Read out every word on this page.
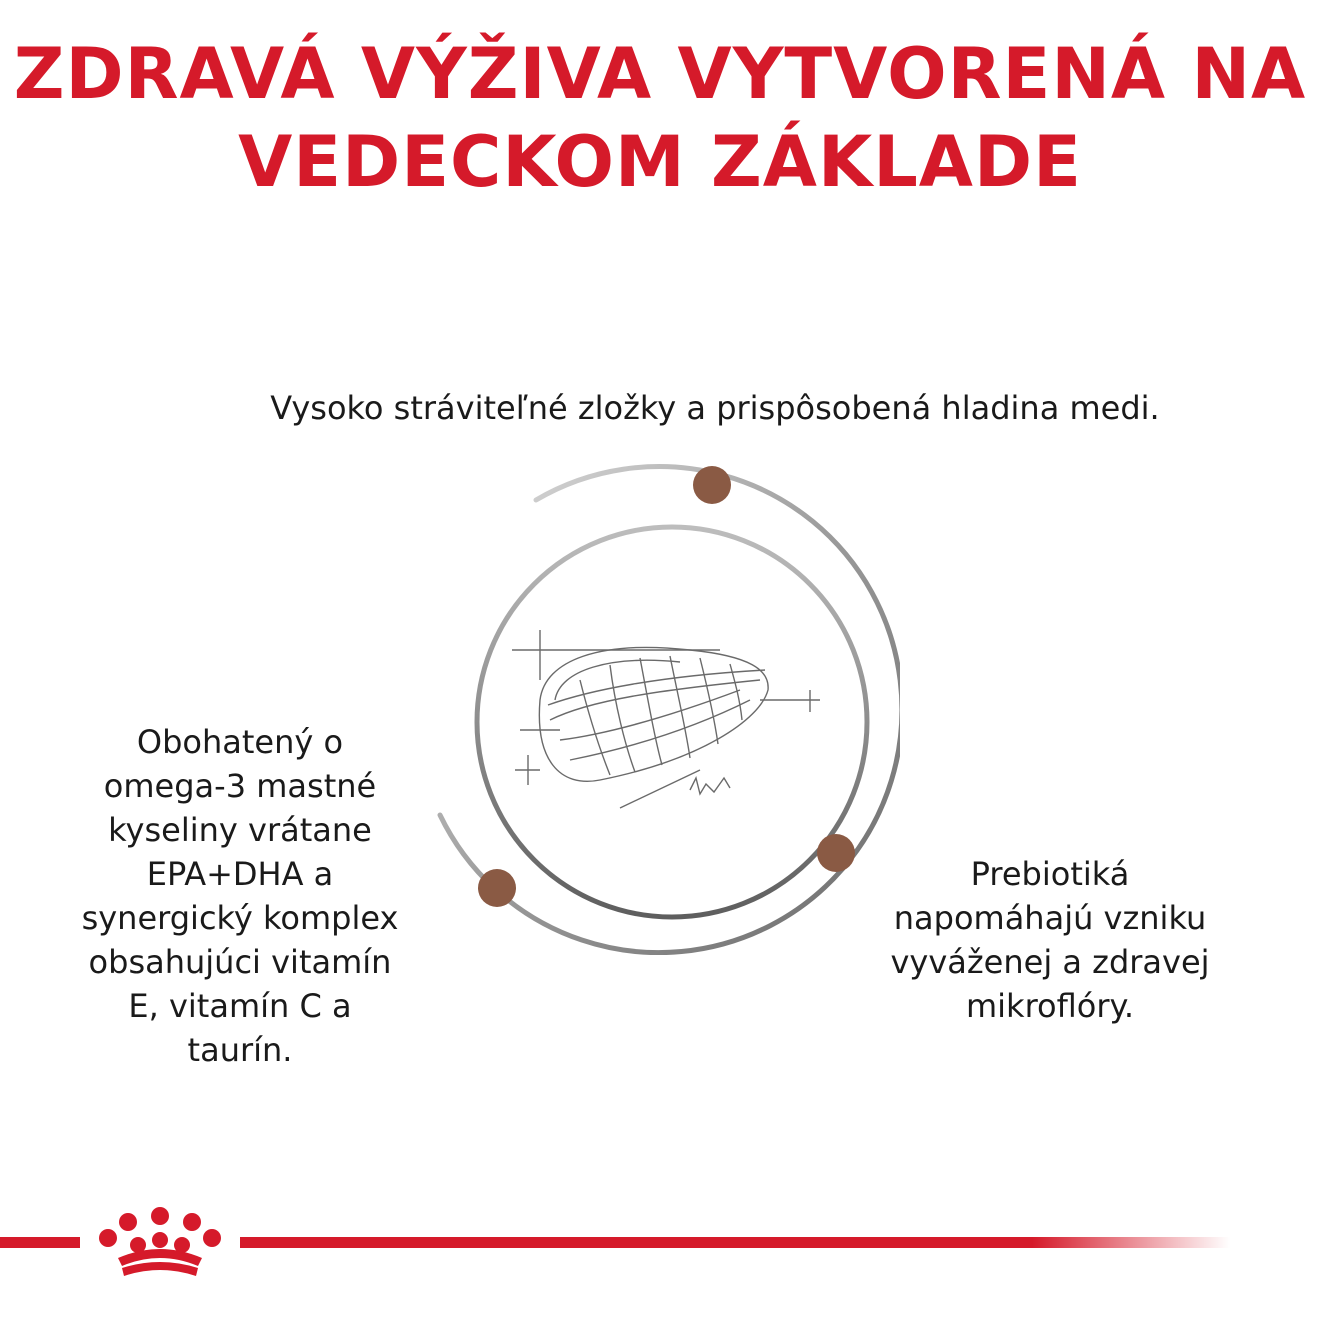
ZDRAVÁ VÝŽIVA VYTVORENÁ NA
VEDECKOM ZÁKLADE

Vysoko stráviteľné zložky a prispôsobená hladina medi.

Obohatený o
omega-3 mastné
kyseliny vrátane
EPA+DHA a
synergický komplex
obsahujúci vitamín
E, vitamín C a
taurín.

Prebiotiká
napomáhajú vzniku
vyváženej a zdravej
mikroflóry.
